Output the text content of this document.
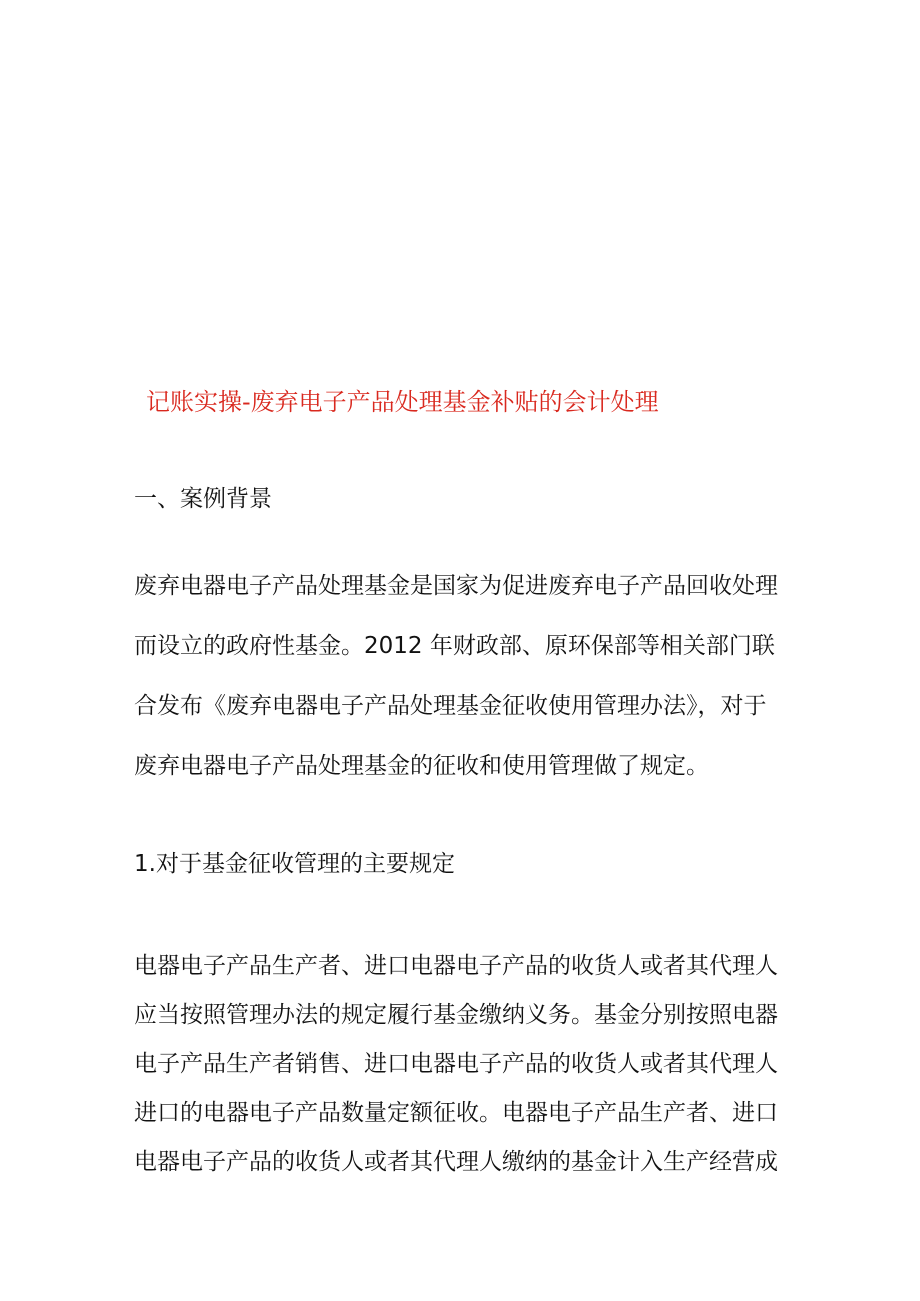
记账实操-废弃电子产品处理基金补贴的会计处理
一、案例背景
废弃电器电子产品处理基金是国家为促进废弃电子产品回收处理
而设立的政府性基金。2012 年财政部、原环保部等相关部门联
合发布《废弃电器电子产品处理基金征收使用管理办法》，对于
废弃电器电子产品处理基金的征收和使用管理做了规定。
1.对于基金征收管理的主要规定
电器电子产品生产者、进口电器电子产品的收货人或者其代理人
应当按照管理办法的规定履行基金缴纳义务。基金分别按照电器
电子产品生产者销售、进口电器电子产品的收货人或者其代理人
进口的电器电子产品数量定额征收。电器电子产品生产者、进口
电器电子产品的收货人或者其代理人缴纳的基金计入生产经营成
